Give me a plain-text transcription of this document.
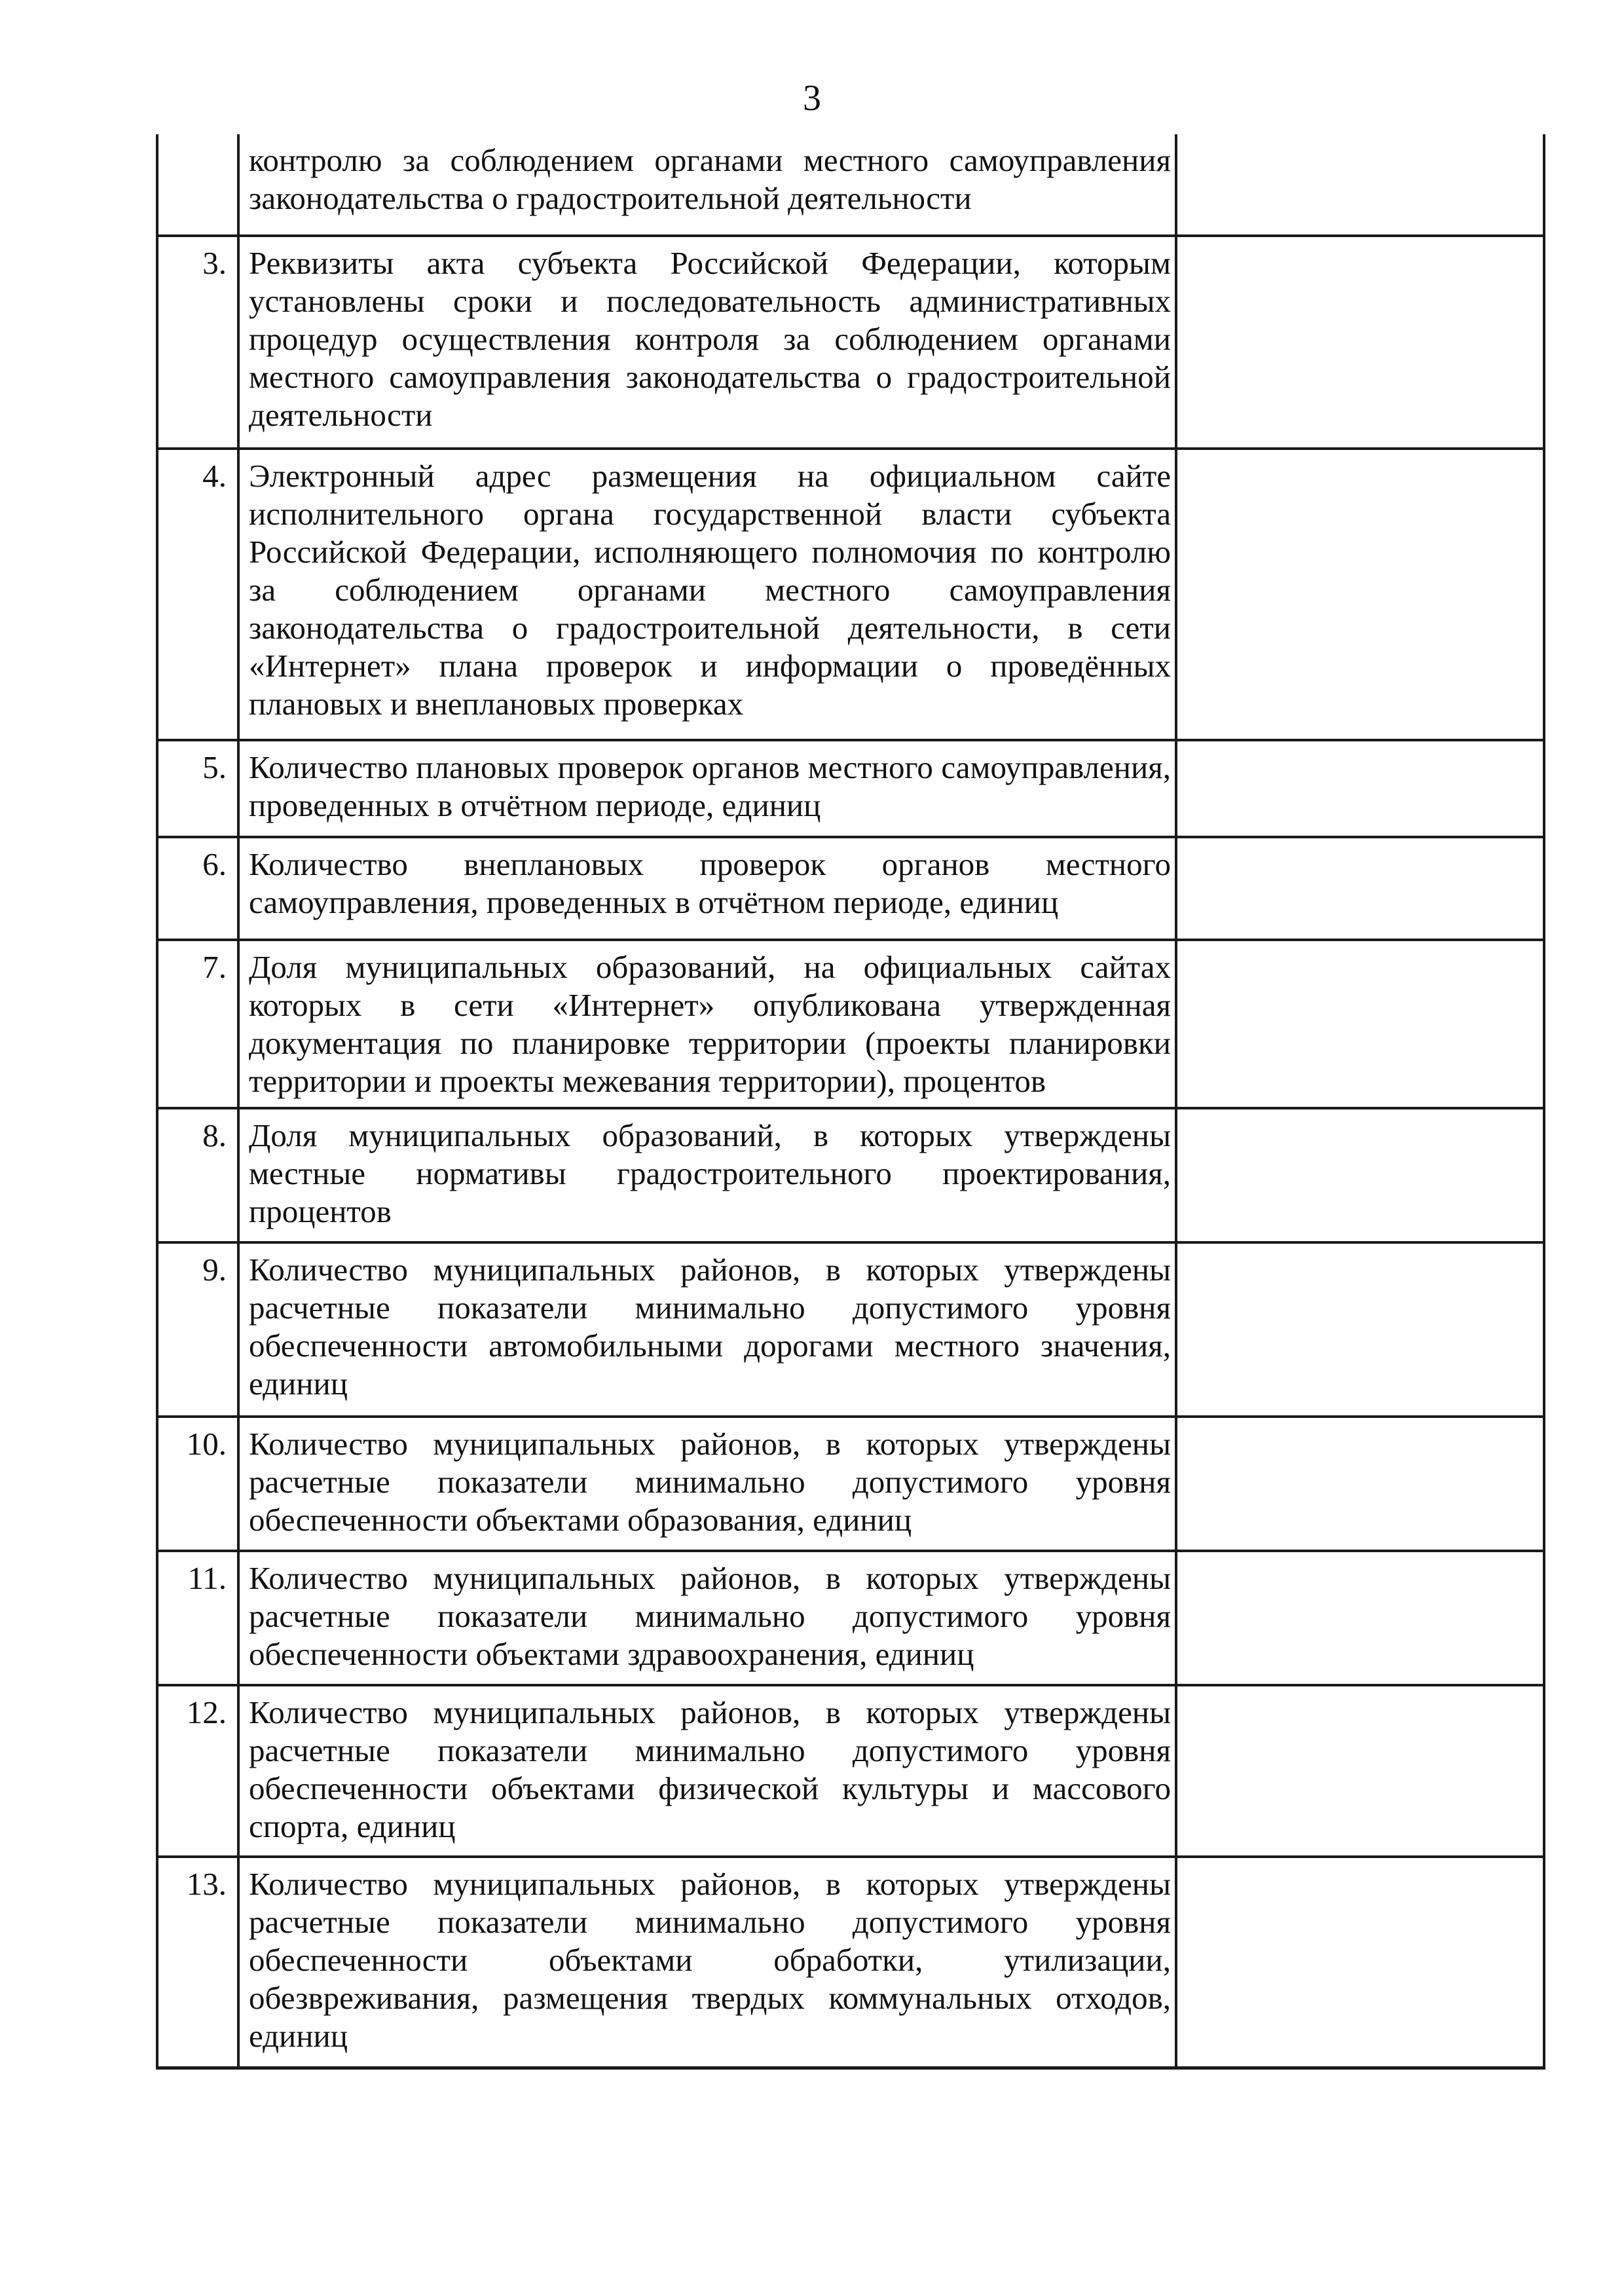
3
	контролю за соблюдением органами местного самоуправления законодательства о градостроительной деятельности	
3.	Реквизиты акта субъекта Российской Федерации, которым установлены сроки и последовательность административных процедур осуществления контроля за соблюдением органами местного самоуправления законодательства о градостроительной деятельности	
4.	Электронный адрес размещения на официальном сайте исполнительного органа государственной власти субъекта Российской Федерации, исполняющего полномочия по контролю за соблюдением органами местного самоуправления законодательства о градостроительной деятельности, в сети «Интернет» плана проверок и информации о проведённых плановых и внеплановых проверках	
5.	Количество плановых проверок органов местного самоуправления, проведенных в отчётном периоде, единиц	
6.	Количество внеплановых проверок органов местного самоуправления, проведенных в отчётном периоде, единиц	
7.	Доля муниципальных образований, на официальных сайтах которых в сети «Интернет» опубликована утвержденная документация по планировке территории (проекты планировки территории и проекты межевания территории), процентов	
8.	Доля муниципальных образований, в которых утверждены местные нормативы градостроительного проектирования, процентов	
9.	Количество муниципальных районов, в которых утверждены расчетные показатели минимально допустимого уровня обеспеченности автомобильными дорогами местного значения, единиц	
10.	Количество муниципальных районов, в которых утверждены расчетные показатели минимально допустимого уровня обеспеченности объектами образования, единиц	
11.	Количество муниципальных районов, в которых утверждены расчетные показатели минимально допустимого уровня обеспеченности объектами здравоохранения, единиц	
12.	Количество муниципальных районов, в которых утверждены расчетные показатели минимально допустимого уровня обеспеченности объектами физической культуры и массового спорта, единиц	
13.	Количество муниципальных районов, в которых утверждены расчетные показатели минимально допустимого уровня обеспеченности объектами обработки, утилизации, обезвреживания, размещения твердых коммунальных отходов, единиц	
